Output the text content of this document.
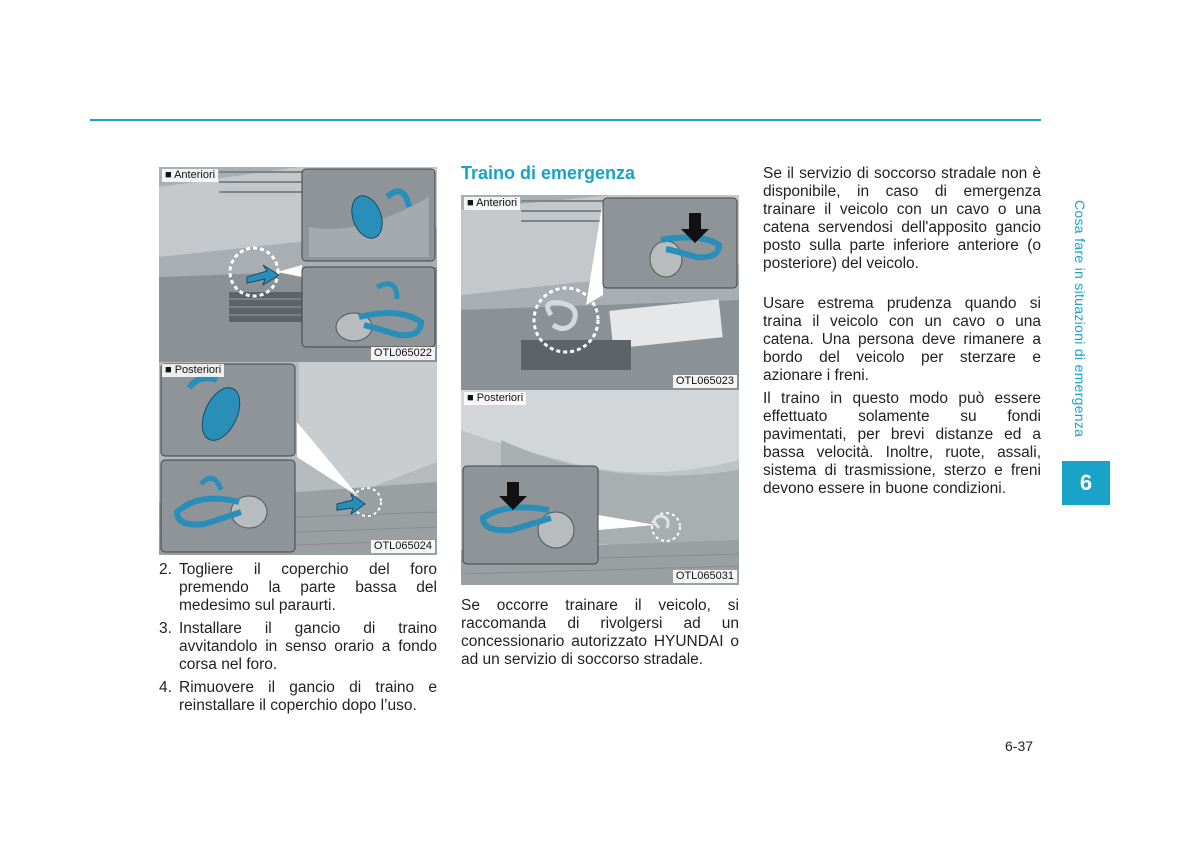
■ Anteriori
OTL065022
■ Posteriori
OTL065024
■ Anteriori
OTL065023
■ Posteriori
OTL065031
2. Togliere il coperchio del foro premendo la parte bassa del medesimo sul paraurti.
3. Installare il gancio di traino avvitandolo in senso orario a fondo corsa nel foro.
4. Rimuovere il gancio di traino e reinstallare il coperchio dopo l’uso.
Traino di emergenza

Se occorre trainare il veicolo, si raccomanda di rivolgersi ad un concessionario autorizzato HYUNDAI o ad un servizio di soccorso stradale.

Se il servizio di soccorso stradale non è disponibile, in caso di emergenza trainare il veicolo con un cavo o una catena servendosi dell'apposito gancio posto sulla parte inferiore anteriore (o posteriore) del veicolo.

Usare estrema prudenza quando si traina il veicolo con un cavo o una catena. Una persona deve rimanere a bordo del veicolo per sterzare e azionare i freni.

Il traino in questo modo può essere effettuato solamente su fondi pavimentati, per brevi distanze ed a bassa velocità. Inoltre, ruote, assali, sistema di trasmissione, sterzo e freni devono essere in buone condizioni.

Cosa fare in situazioni di emergenza
6
6-37
